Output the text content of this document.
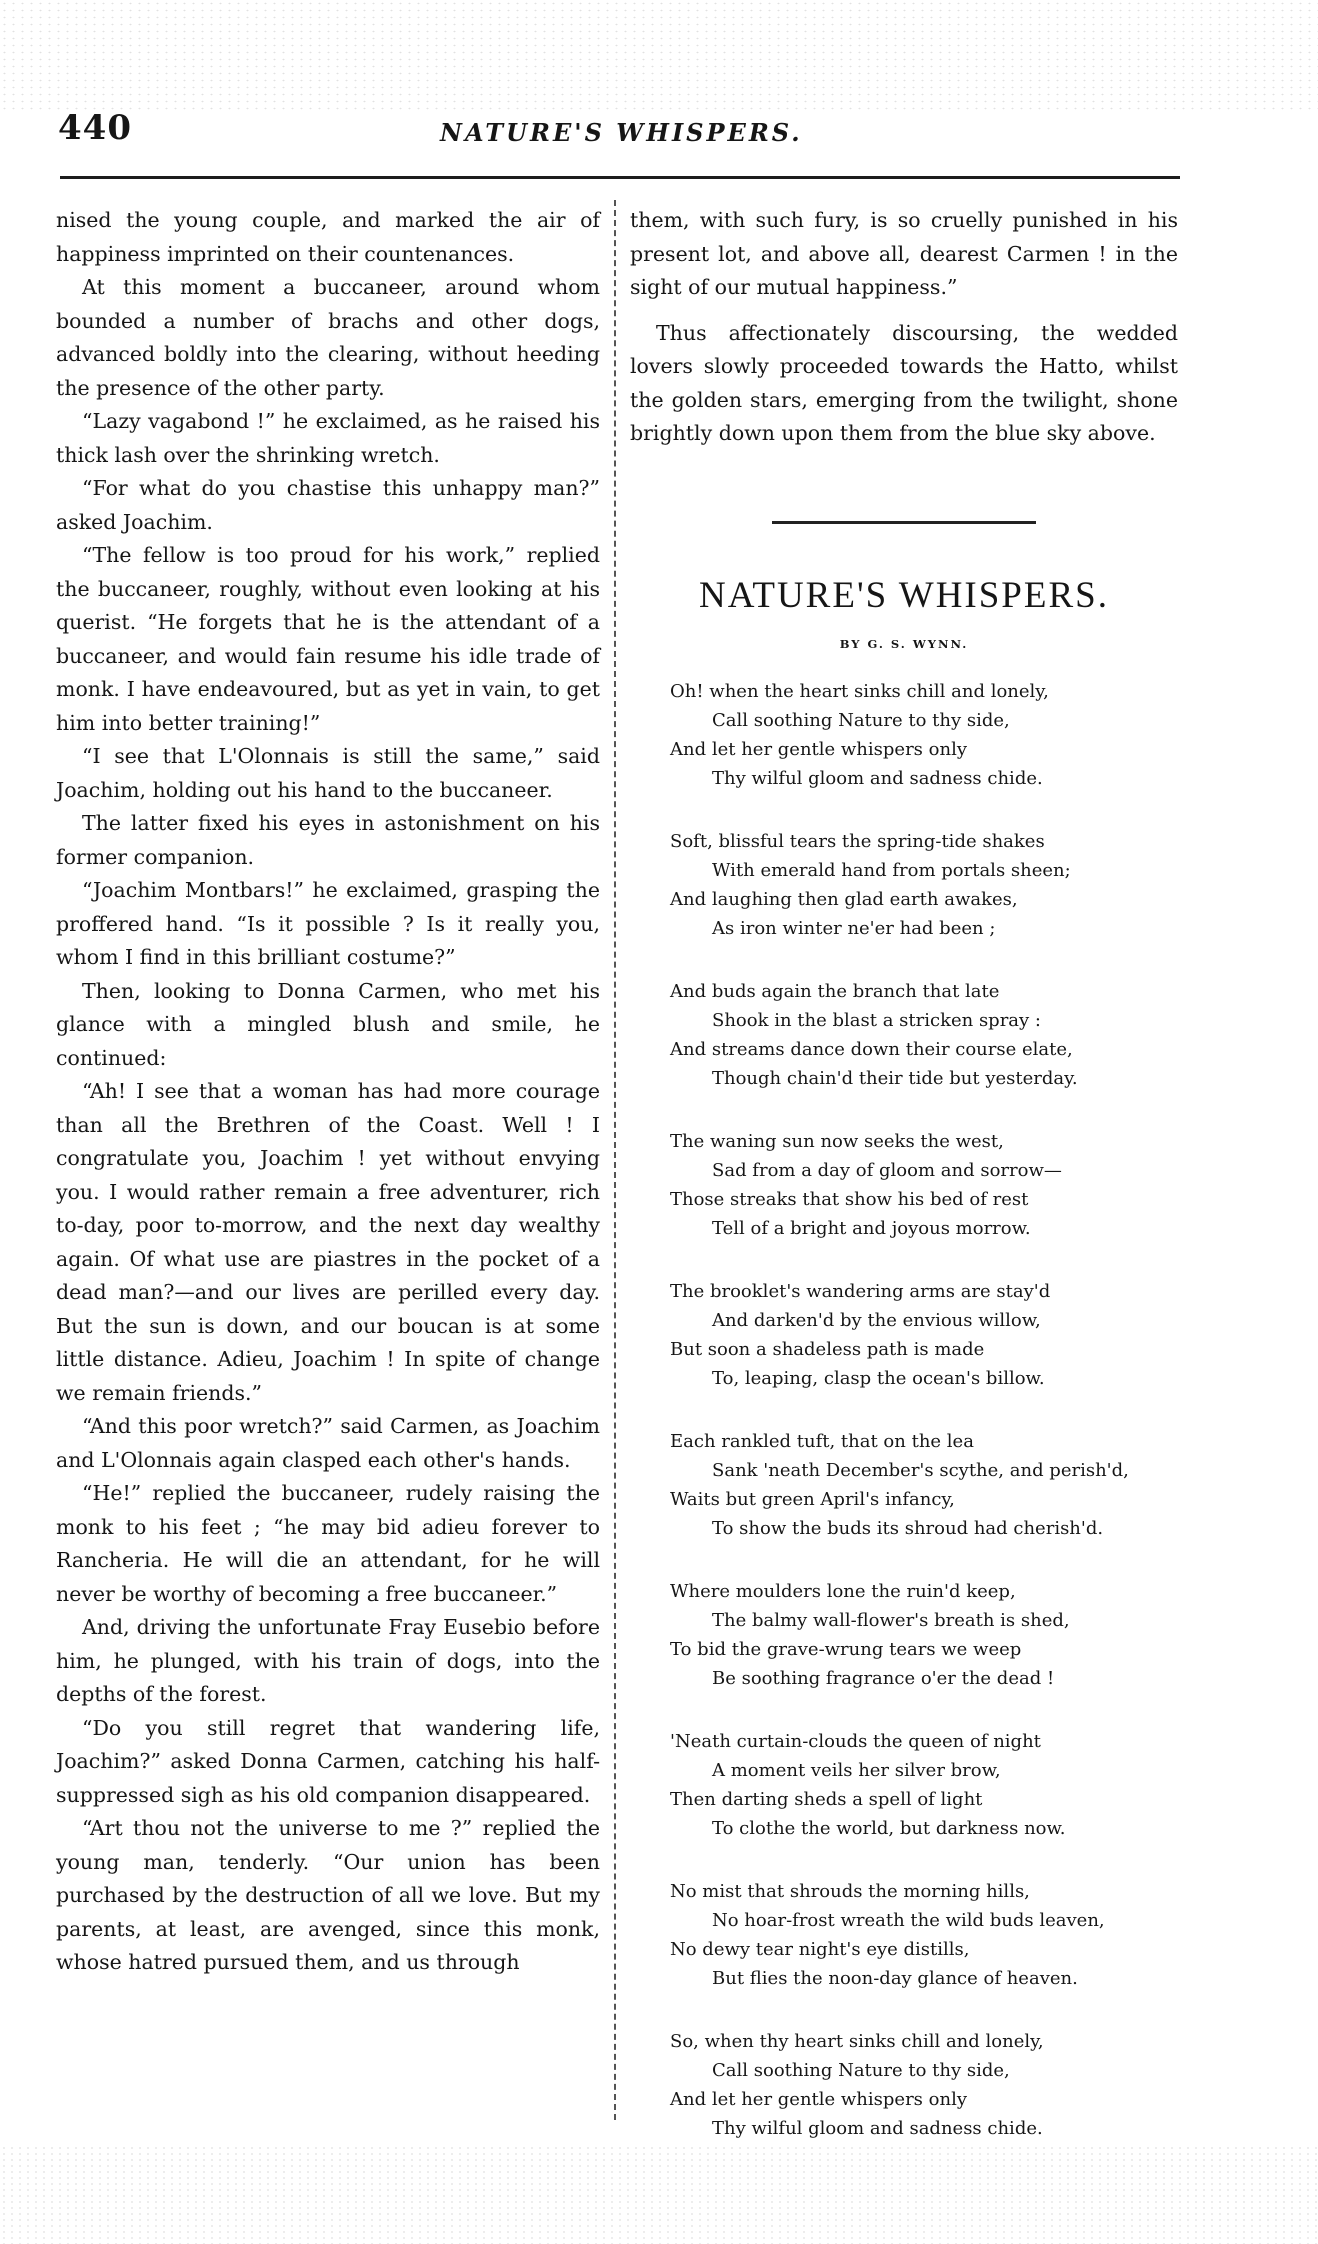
440	NATURE'S WHISPERS.

nised the young couple, and marked the air of happiness imprinted on their countenances.

At this moment a buccaneer, around whom bounded a number of brachs and other dogs, advanced boldly into the clearing, without heeding the presence of the other party.

“Lazy vagabond !” he exclaimed, as he raised his thick lash over the shrinking wretch.

“For what do you chastise this unhappy man?” asked Joachim.

“The fellow is too proud for his work,” replied the buccaneer, roughly, without even looking at his querist. “He forgets that he is the attendant of a buccaneer, and would fain resume his idle trade of monk. I have endeavoured, but as yet in vain, to get him into better training!”

“I see that L'Olonnais is still the same,” said Joachim, holding out his hand to the buccaneer.

The latter fixed his eyes in astonishment on his former companion.

“Joachim Montbars!” he exclaimed, grasping the proffered hand. “Is it possible ? Is it really you, whom I find in this brilliant costume?”

Then, looking to Donna Carmen, who met his glance with a mingled blush and smile, he continued:

“Ah! I see that a woman has had more courage than all the Brethren of the Coast. Well ! I congratulate you, Joachim ! yet without envying you. I would rather remain a free adventurer, rich to-day, poor to-morrow, and the next day wealthy again. Of what use are piastres in the pocket of a dead man?—and our lives are perilled every day. But the sun is down, and our boucan is at some little distance. Adieu, Joachim ! In spite of change we remain friends.”

“And this poor wretch?” said Carmen, as Joachim and L'Olonnais again clasped each other's hands.

“He!” replied the buccaneer, rudely raising the monk to his feet ; “he may bid adieu forever to Rancheria. He will die an attendant, for he will never be worthy of becoming a free buccaneer.”

And, driving the unfortunate Fray Eusebio before him, he plunged, with his train of dogs, into the depths of the forest.

“Do you still regret that wandering life, Joachim?” asked Donna Carmen, catching his half-suppressed sigh as his old companion disappeared.

“Art thou not the universe to me ?” replied the young man, tenderly. “Our union has been purchased by the destruction of all we love. But my parents, at least, are avenged, since this monk, whose hatred pursued them, and us through

them, with such fury, is so cruelly punished in his present lot, and above all, dearest Carmen ! in the sight of our mutual happiness.”

Thus affectionately discoursing, the wedded lovers slowly proceeded towards the Hatto, whilst the golden stars, emerging from the twilight, shone brightly down upon them from the blue sky above.

NATURE'S WHISPERS.
BY G. S. WYNN.
Oh! when the heart sinks chill and lonely,
Call soothing Nature to thy side,
And let her gentle whispers only
Thy wilful gloom and sadness chide.
Soft, blissful tears the spring-tide shakes
With emerald hand from portals sheen;
And laughing then glad earth awakes,
As iron winter ne'er had been ;
And buds again the branch that late
Shook in the blast a stricken spray :
And streams dance down their course elate,
Though chain'd their tide but yesterday.
The waning sun now seeks the west,
Sad from a day of gloom and sorrow—
Those streaks that show his bed of rest
Tell of a bright and joyous morrow.
The brooklet's wandering arms are stay'd
And darken'd by the envious willow,
But soon a shadeless path is made
To, leaping, clasp the ocean's billow.
Each rankled tuft, that on the lea
Sank 'neath December's scythe, and perish'd,
Waits but green April's infancy,
To show the buds its shroud had cherish'd.
Where moulders lone the ruin'd keep,
The balmy wall-flower's breath is shed,
To bid the grave-wrung tears we weep
Be soothing fragrance o'er the dead !
'Neath curtain-clouds the queen of night
A moment veils her silver brow,
Then darting sheds a spell of light
To clothe the world, but darkness now.
No mist that shrouds the morning hills,
No hoar-frost wreath the wild buds leaven,
No dewy tear night's eye distills,
But flies the noon-day glance of heaven.
So, when thy heart sinks chill and lonely,
Call soothing Nature to thy side,
And let her gentle whispers only
Thy wilful gloom and sadness chide.
